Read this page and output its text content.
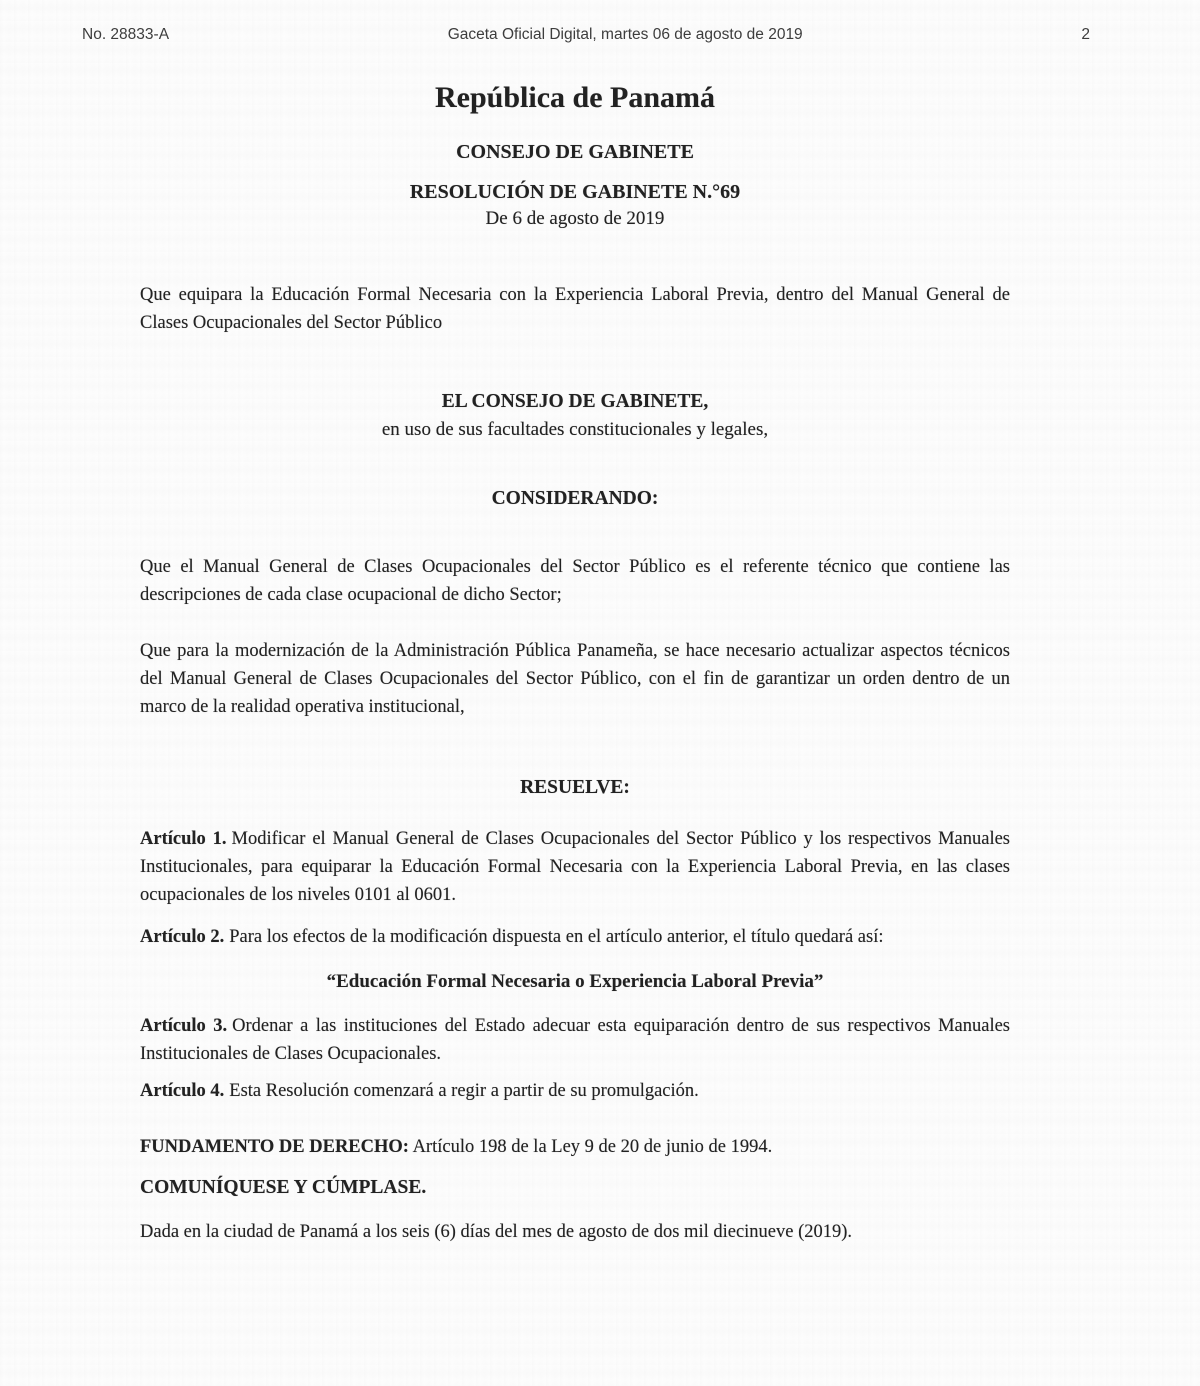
No. 28833-A	Gaceta Oficial Digital, martes 06 de agosto de 2019	2
República de Panamá
CONSEJO DE GABINETE
RESOLUCIÓN DE GABINETE N.°69
De 6 de agosto de 2019

Que equipara la Educación Formal Necesaria con la Experiencia Laboral Previa, dentro del Manual General de Clases Ocupacionales del Sector Público

EL CONSEJO DE GABINETE,
en uso de sus facultades constitucionales y legales,
CONSIDERANDO:

Que el Manual General de Clases Ocupacionales del Sector Público es el referente técnico que contiene las descripciones de cada clase ocupacional de dicho Sector;

Que para la modernización de la Administración Pública Panameña, se hace necesario actualizar aspectos técnicos del Manual General de Clases Ocupacionales del Sector Público, con el fin de garantizar un orden dentro de un marco de la realidad operativa institucional,

RESUELVE:

Artículo 1. Modificar el Manual General de Clases Ocupacionales del Sector Público y los respectivos Manuales Institucionales, para equiparar la Educación Formal Necesaria con la Experiencia Laboral Previa, en las clases ocupacionales de los niveles 0101 al 0601.

Artículo 2. Para los efectos de la modificación dispuesta en el artículo anterior, el título quedará así:

“Educación Formal Necesaria o Experiencia Laboral Previa”

Artículo 3. Ordenar a las instituciones del Estado adecuar esta equiparación dentro de sus respectivos Manuales Institucionales de Clases Ocupacionales.

Artículo 4. Esta Resolución comenzará a regir a partir de su promulgación.

FUNDAMENTO DE DERECHO: Artículo 198 de la Ley 9 de 20 de junio de 1994.

COMUNÍQUESE Y CÚMPLASE.

Dada en la ciudad de Panamá a los seis (6) días del mes de agosto de dos mil diecinueve (2019).
